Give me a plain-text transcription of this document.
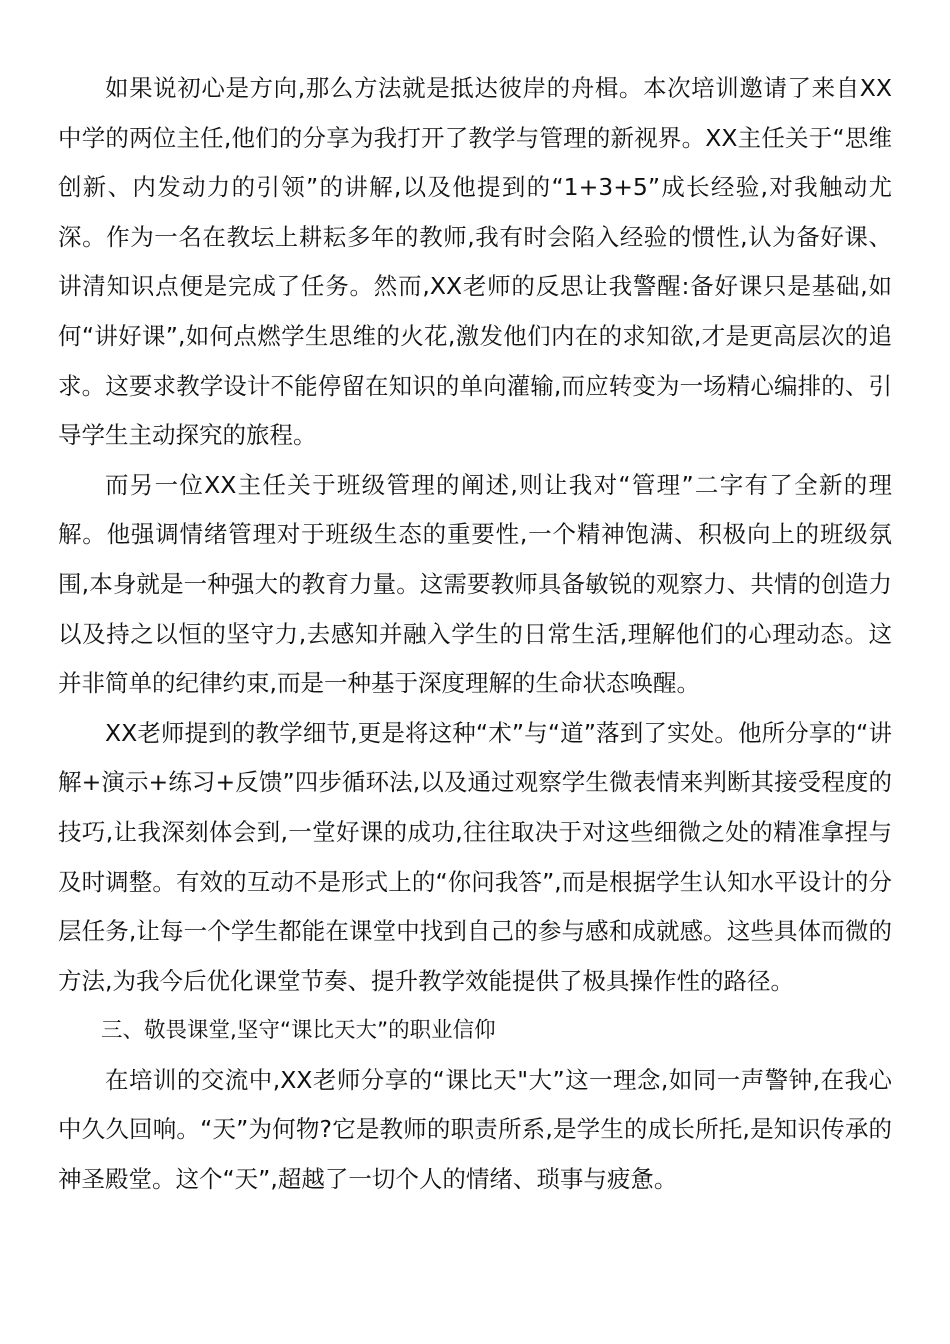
如果说初心是方向,那么方法就是抵达彼岸的舟楫。本次培训邀请了来自XX中学的两位主任,他们的分享为我打开了教学与管理的新视界。XX主任关于“思维创新、内发动力的引领”的讲解,以及他提到的“1+3+5”成长经验,对我触动尤深。作为一名在教坛上耕耘多年的教师,我有时会陷入经验的惯性,认为备好课、讲清知识点便是完成了任务。然而,XX老师的反思让我警醒:备好课只是基础,如何“讲好课”,如何点燃学生思维的火花,激发他们内在的求知欲,才是更高层次的追求。这要求教学设计不能停留在知识的单向灌输,而应转变为一场精心编排的、引导学生主动探究的旅程。

而另一位XX主任关于班级管理的阐述,则让我对“管理”二字有了全新的理解。他强调情绪管理对于班级生态的重要性,一个精神饱满、积极向上的班级氛围,本身就是一种强大的教育力量。这需要教师具备敏锐的观察力、共情的创造力以及持之以恒的坚守力,去感知并融入学生的日常生活,理解他们的心理动态。这并非简单的纪律约束,而是一种基于深度理解的生命状态唤醒。

XX老师提到的教学细节,更是将这种“术”与“道”落到了实处。他所分享的“讲解+演示+练习+反馈”四步循环法,以及通过观察学生微表情来判断其接受程度的技巧,让我深刻体会到,一堂好课的成功,往往取决于对这些细微之处的精准拿捏与及时调整。有效的互动不是形式上的“你问我答”,而是根据学生认知水平设计的分层任务,让每一个学生都能在课堂中找到自己的参与感和成就感。这些具体而微的方法,为我今后优化课堂节奏、提升教学效能提供了极具操作性的路径。

三、敬畏课堂,坚守“课比天大”的职业信仰

在培训的交流中,XX老师分享的“课比天"大”这一理念,如同一声警钟,在我心中久久回响。“天”为何物?它是教师的职责所系,是学生的成长所托,是知识传承的神圣殿堂。这个“天”,超越了一切个人的情绪、琐事与疲惫。
